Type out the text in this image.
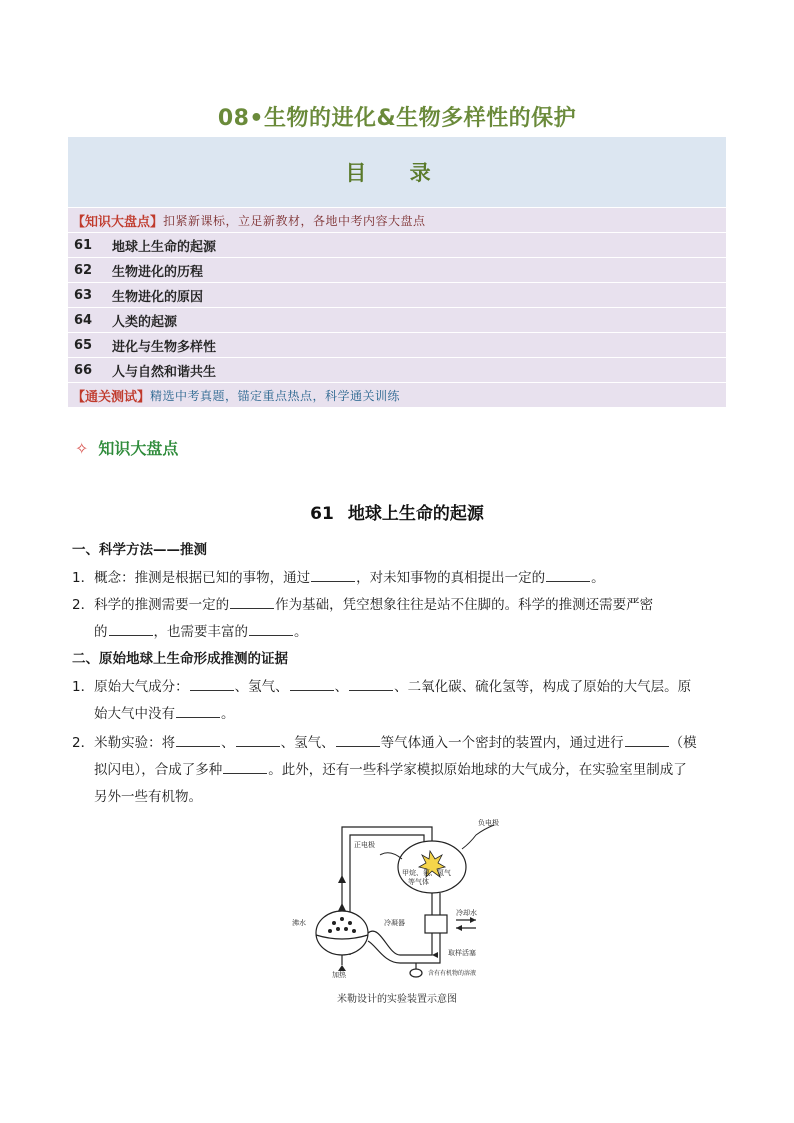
08•生物的进化&生物多样性的保护
目 录
【知识大盘点】 扣紧新课标，立足新教材，各地中考内容大盘点
61	地球上生命的起源
62	生物进化的历程
63	生物进化的原因
64	人类的起源
65	进化与生物多样性
66	人与自然和谐共生
【通关测试】 精选中考真题，锚定重点热点，科学通关训练
✧ 知识大盘点
61 地球上生命的起源
一、科学方法——推测
1．概念：推测是根据已知的事物，通过	，对未知事物的真相提出一定的	。
2．科学的推测需要一定的	作为基础，凭空想象往往是站不住脚的。科学的推测还需要严密
的	，也需要丰富的	。
二、原始地球上生命形成推测的证据
1．原始大气成分：	、氢气、	、	、二氧化碳、硫化氢等，构成了原始的大气层。原
始大气中没有	。
2．米勒实验：将	、	、氢气、	等气体通入一个密封的装置内，通过进行	（模
拟闪电），合成了多种	。此外，还有一些科学家模拟原始地球的大气成分，在实验室里制成了
另外一些有机物。
负电极
正电极
甲烷、氨、氢气
等气体
冷凝器
冷却水
沸水
加热
取样活塞
含有有机物的溶液
米勒设计的实验装置示意图
